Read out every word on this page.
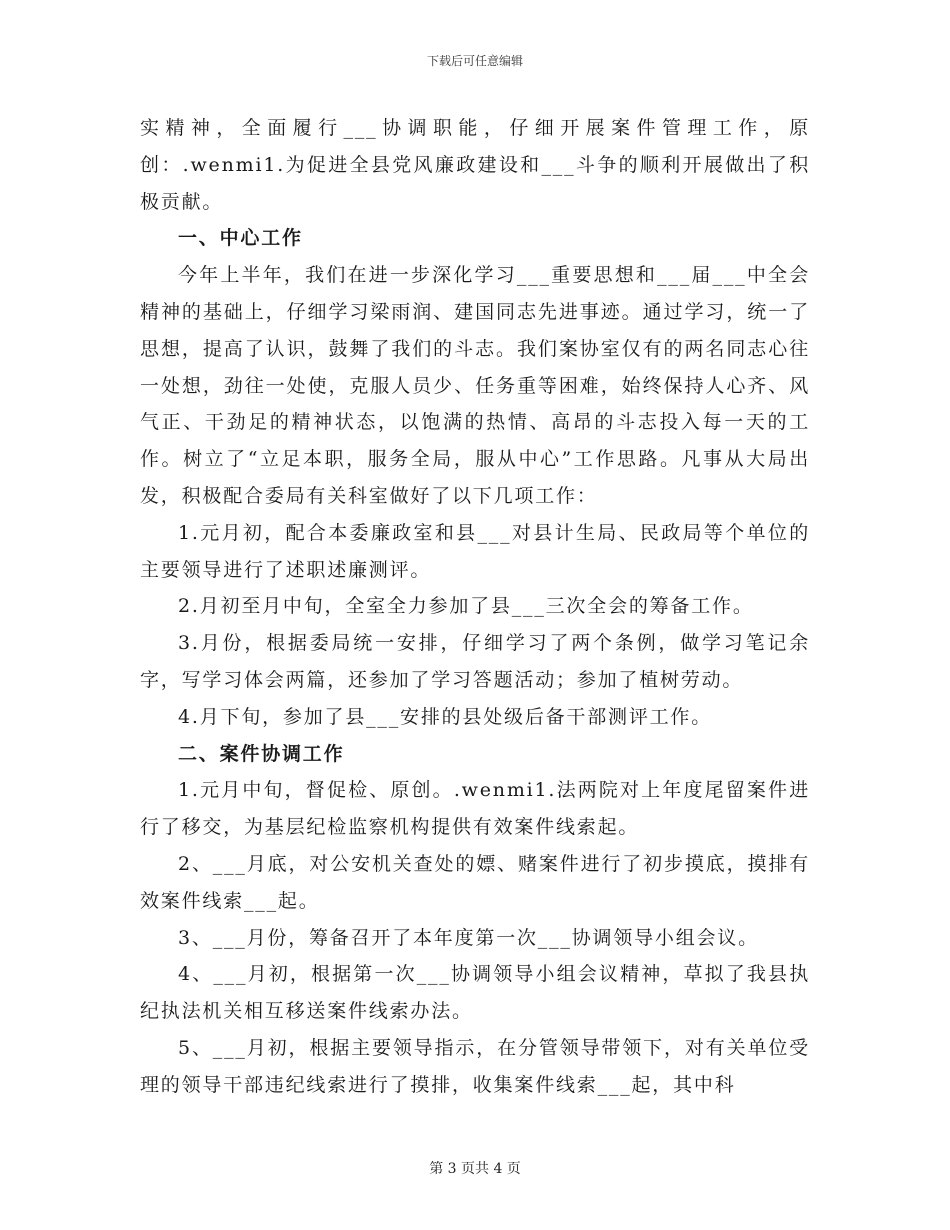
下载后可任意编辑

实精神，全面履行___协调职能，仔细开展案件管理工作，原创：.wenmi1.为促进全县党风廉政建设和___斗争的顺利开展做出了积极贡献。

一、中心工作

今年上半年，我们在进一步深化学习___重要思想和___届___中全会精神的基础上，仔细学习梁雨润、建国同志先进事迹。通过学习，统一了思想，提高了认识，鼓舞了我们的斗志。我们案协室仅有的两名同志心往一处想，劲往一处使，克服人员少、任务重等困难，始终保持人心齐、风气正、干劲足的精神状态，以饱满的热情、高昂的斗志投入每一天的工作。树立了“立足本职，服务全局，服从中心”工作思路。凡事从大局出发，积极配合委局有关科室做好了以下几项工作：

1.元月初，配合本委廉政室和县___对县计生局、民政局等个单位的主要领导进行了述职述廉测评。

2.月初至月中旬，全室全力参加了县___三次全会的筹备工作。

3.月份，根据委局统一安排，仔细学习了两个条例，做学习笔记余字，写学习体会两篇，还参加了学习答题活动；参加了植树劳动。

4.月下旬，参加了县___安排的县处级后备干部测评工作。

二、案件协调工作

1.元月中旬，督促检、原创。.wenmi1.法两院对上年度尾留案件进行了移交，为基层纪检监察机构提供有效案件线索起。

2、___月底，对公安机关查处的嫖、赌案件进行了初步摸底，摸排有效案件线索___起。

3、___月份，筹备召开了本年度第一次___协调领导小组会议。

4、___月初，根据第一次___协调领导小组会议精神，草拟了我县执纪执法机关相互移送案件线索办法。

5、___月初，根据主要领导指示，在分管领导带领下，对有关单位受理的领导干部违纪线索进行了摸排，收集案件线索___起，其中科

第 3 页共 4 页
